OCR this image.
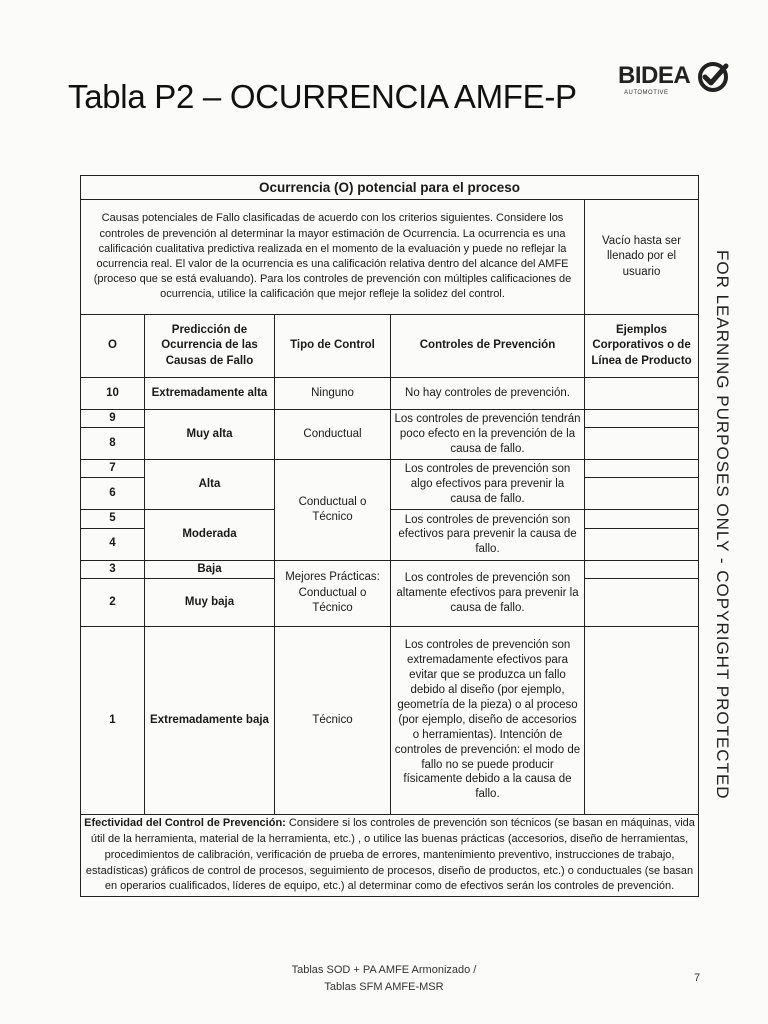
Tabla P2 – OCURRENCIA AMFE-P
BIDEA
AUTOMOTIVE
FOR LEARNING PURPOSES ONLY - COPYRIGHT PROTECTED
Ocurrencia (O) potencial para el proceso				
Causas potenciales de Fallo clasificadas de acuerdo con los criterios siguientes. Considere los controles de prevención al determinar la mayor estimación de Ocurrencia. La ocurrencia es una calificación cualitativa predictiva realizada en el momento de la evaluación y puede no reflejar la ocurrencia real. El valor de la ocurrencia es una calificación relativa dentro del alcance del AMFE (proceso que se está evaluando). Para los controles de prevención con múltiples calificaciones de ocurrencia, utilice la calificación que mejor refleje la solidez del control.				Vacío hasta ser llenado por el usuario
O	Predicción de Ocurrencia de las Causas de Fallo	Tipo de Control	Controles de Prevención	Ejemplos Corporativos o de Línea de Producto
10	Extremadamente alta	Ninguno	No hay controles de prevención.	
9	Muy alta	Conductual	Los controles de prevención tendrán poco efecto en la prevención de la causa de fallo.	
8				
7	Alta	Conductual o Técnico	Los controles de prevención son algo efectivos para prevenir la causa de fallo.	
6				
5	Moderada		Los controles de prevención son efectivos para prevenir la causa de fallo.	
4				
3	Baja	Mejores Prácticas: Conductual o Técnico	Los controles de prevención son altamente efectivos para prevenir la causa de fallo.	
2	Muy baja			
1	Extremadamente baja	Técnico	Los controles de prevención son extremadamente efectivos para evitar que se produzca un fallo debido al diseño (por ejemplo, geometría de la pieza) o al proceso (por ejemplo, diseño de accesorios o herramientas). Intención de controles de prevención: el modo de fallo no se puede producir físicamente debido a la causa de fallo.	
Efectividad del Control de Prevención: Considere si los controles de prevención son técnicos (se basan en máquinas, vida útil de la herramienta, material de la herramienta, etc.) , o utilice las buenas prácticas (accesorios, diseño de herramientas, procedimientos de calibración, verificación de prueba de errores, mantenimiento preventivo, instrucciones de trabajo, estadísticas) gráficos de control de procesos, seguimiento de procesos, diseño de productos, etc.) o conductuales (se basan en operarios cualificados, líderes de equipo, etc.) al determinar como de efectivos serán los controles de prevención.				
Tablas SOD + PA AMFE Armonizado /
Tablas SFM AMFE-MSR
7
